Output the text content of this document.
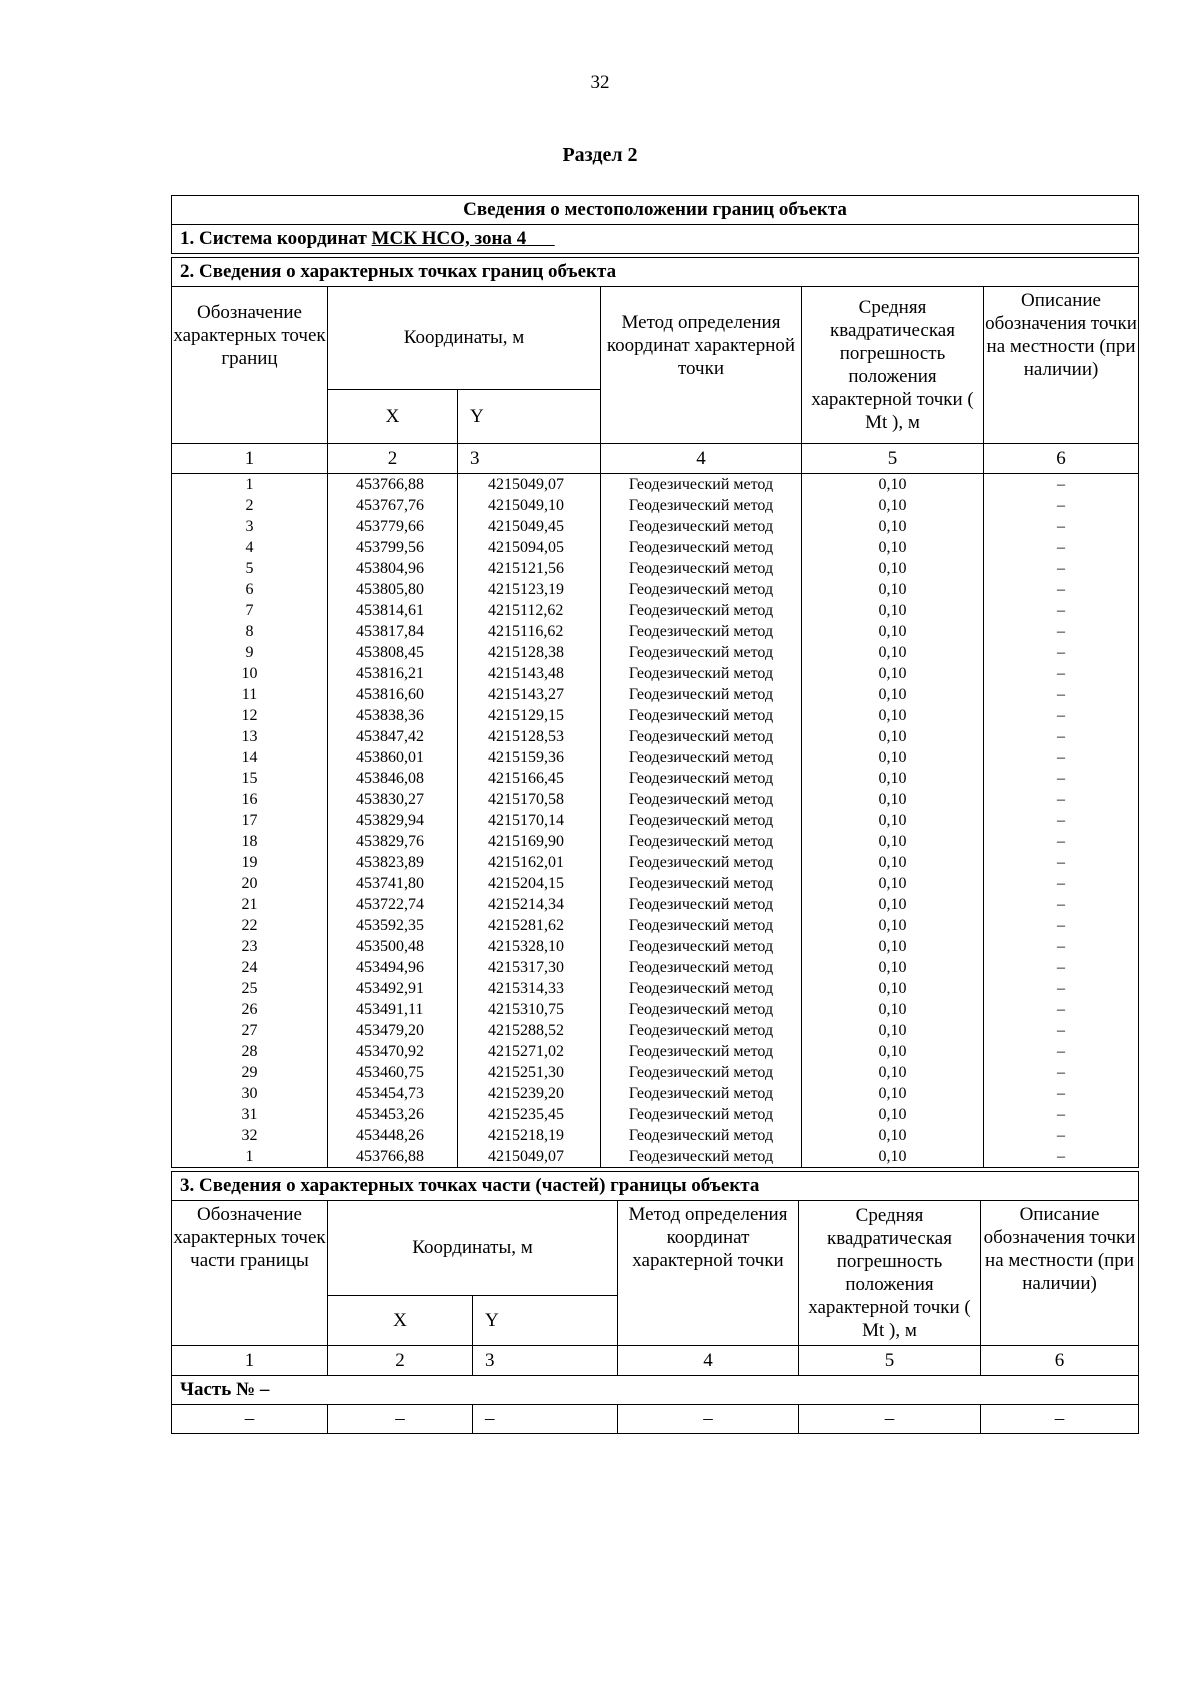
32
Раздел 2
Сведения о местоположении границ объекта
1. Система координат МСК НСО, зона 4
2. Сведения о характерных точках границ объекта					
Обозначение характерных точек границ	Координаты, м		Метод определения координат характерной точки	Средняя квадратическая погрешность положения характерной точки ( Mt ), м	Описание обозначения точки на местности (при наличии)
	X	Y			
1	2	3	4	5	6
1	453766,88	4215049,07	Геодезический метод	0,10	–
2	453767,76	4215049,10	Геодезический метод	0,10	–
3	453779,66	4215049,45	Геодезический метод	0,10	–
4	453799,56	4215094,05	Геодезический метод	0,10	–
5	453804,96	4215121,56	Геодезический метод	0,10	–
6	453805,80	4215123,19	Геодезический метод	0,10	–
7	453814,61	4215112,62	Геодезический метод	0,10	–
8	453817,84	4215116,62	Геодезический метод	0,10	–
9	453808,45	4215128,38	Геодезический метод	0,10	–
10	453816,21	4215143,48	Геодезический метод	0,10	–
11	453816,60	4215143,27	Геодезический метод	0,10	–
12	453838,36	4215129,15	Геодезический метод	0,10	–
13	453847,42	4215128,53	Геодезический метод	0,10	–
14	453860,01	4215159,36	Геодезический метод	0,10	–
15	453846,08	4215166,45	Геодезический метод	0,10	–
16	453830,27	4215170,58	Геодезический метод	0,10	–
17	453829,94	4215170,14	Геодезический метод	0,10	–
18	453829,76	4215169,90	Геодезический метод	0,10	–
19	453823,89	4215162,01	Геодезический метод	0,10	–
20	453741,80	4215204,15	Геодезический метод	0,10	–
21	453722,74	4215214,34	Геодезический метод	0,10	–
22	453592,35	4215281,62	Геодезический метод	0,10	–
23	453500,48	4215328,10	Геодезический метод	0,10	–
24	453494,96	4215317,30	Геодезический метод	0,10	–
25	453492,91	4215314,33	Геодезический метод	0,10	–
26	453491,11	4215310,75	Геодезический метод	0,10	–
27	453479,20	4215288,52	Геодезический метод	0,10	–
28	453470,92	4215271,02	Геодезический метод	0,10	–
29	453460,75	4215251,30	Геодезический метод	0,10	–
30	453454,73	4215239,20	Геодезический метод	0,10	–
31	453453,26	4215235,45	Геодезический метод	0,10	–
32	453448,26	4215218,19	Геодезический метод	0,10	–
1	453766,88	4215049,07	Геодезический метод	0,10	–
3. Сведения о характерных точках части (частей) границы объекта					
Обозначение характерных точек части границы	Координаты, м		Метод определения координат характерной точки	Средняя квадратическая погрешность положения характерной точки ( Mt ), м	Описание обозначения точки на местности (при наличии)
	X	Y			
1	2	3	4	5	6
Часть № –					
–	–	–	–	–	–
